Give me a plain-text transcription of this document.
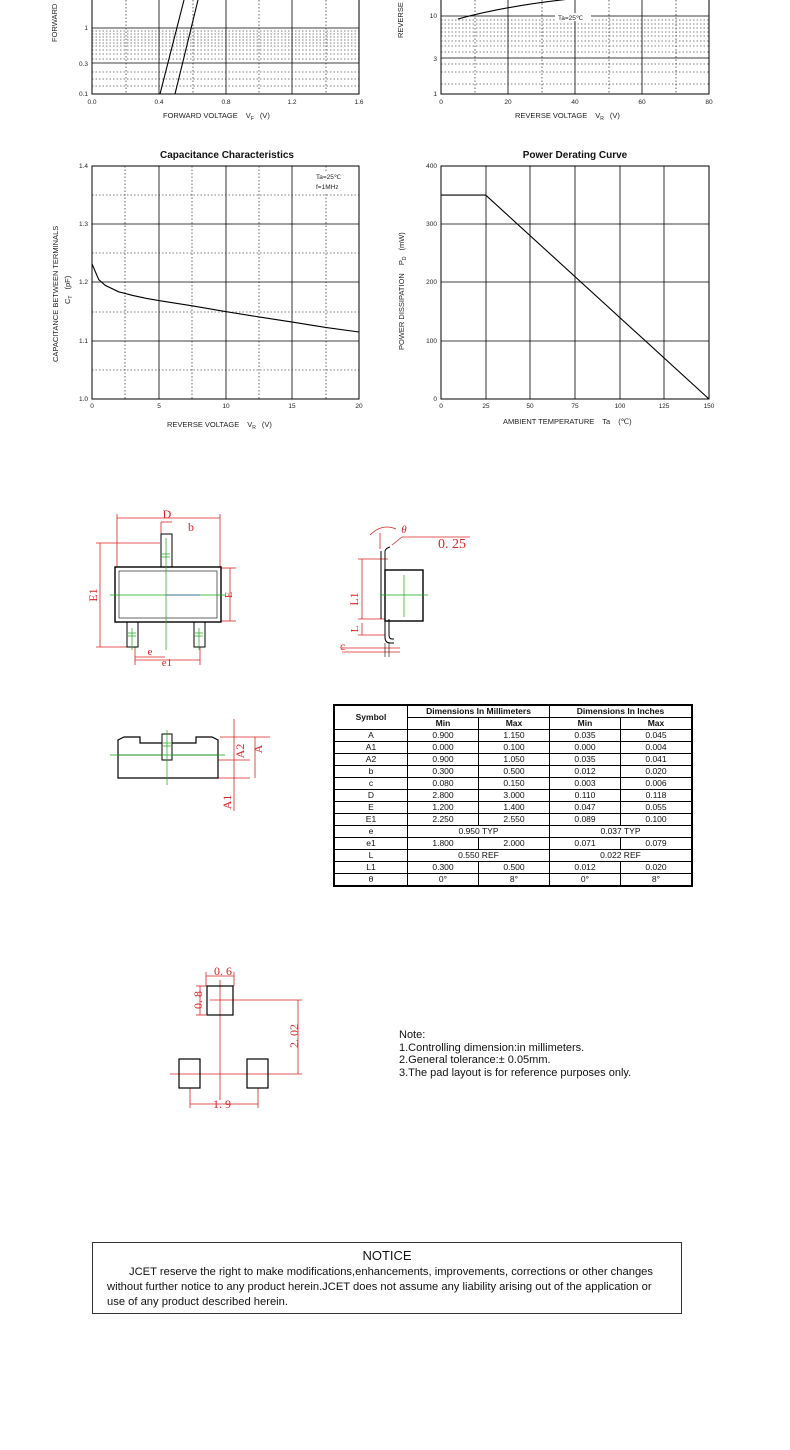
FORWARD	1
0.3
0.1
0.0	0.4	0.8	1.2	1.6
FORWARD VOLTAGE $V_F$ (V)
REVERSE	Ta=25℃
10
3
1
0	20	40	60	80
REVERSE VOLTAGE $V_R$ (V)
Capacitance Characteristics
CAPACITANCE BETWEEN TERMINALS $C_T(pF)$
Ta=25℃
f=1MHz
1.4
1.3
1.2
1.1
1.0
0	5	10	15	20
REVERSE VOLTAGE $V_R$ (V)
Power Derating Curve
POWER $DISSIPATIONP_D(mW)$
400
300
200
100
0
0	25	50	75	100	125	150
AMBIENT TEMPERATURE Ta (℃)
D
b
E1	E
e
e1
θ
0. 25
L1
L
c
A2 A
A1
Symbol	Dimensions In Millimeters		Dimensions In Inches	
	Min	Max	Min	Max
A	0.900	1.150	0.035	0.045
A1	0.000	0.100	0.000	0.004
A2	0.900	1.050	0.035	0.041
b	0.300	0.500	0.012	0.020
c	0.080	0.150	0.003	0.006
D	2.800	3.000	0.110	0.118
E	1.200	1.400	0.047	0.055
E1	2.250	2.550	0.089	0.100
e	0.950 TYP		0.037 TYP	
e1	1.800	2.000	0.071	0.079
L	0.550 REF		0.022 REF	
L1	0.300	0.500	0.012	0.020
θ	0°	8°	0°	8°
0. 6
0. 8
2. 02
1. 9
Note:
1.Controlling dimension:in millimeters.
2.General tolerance:± 0.05mm.
3.The pad layout is for reference purposes only.
NOTICE
JCET reserve the right to make modifications,enhancements, improvements, corrections or other changes without further notice to any product herein.JCET does not assume any liability arising out of the application or use of any product described herein.
